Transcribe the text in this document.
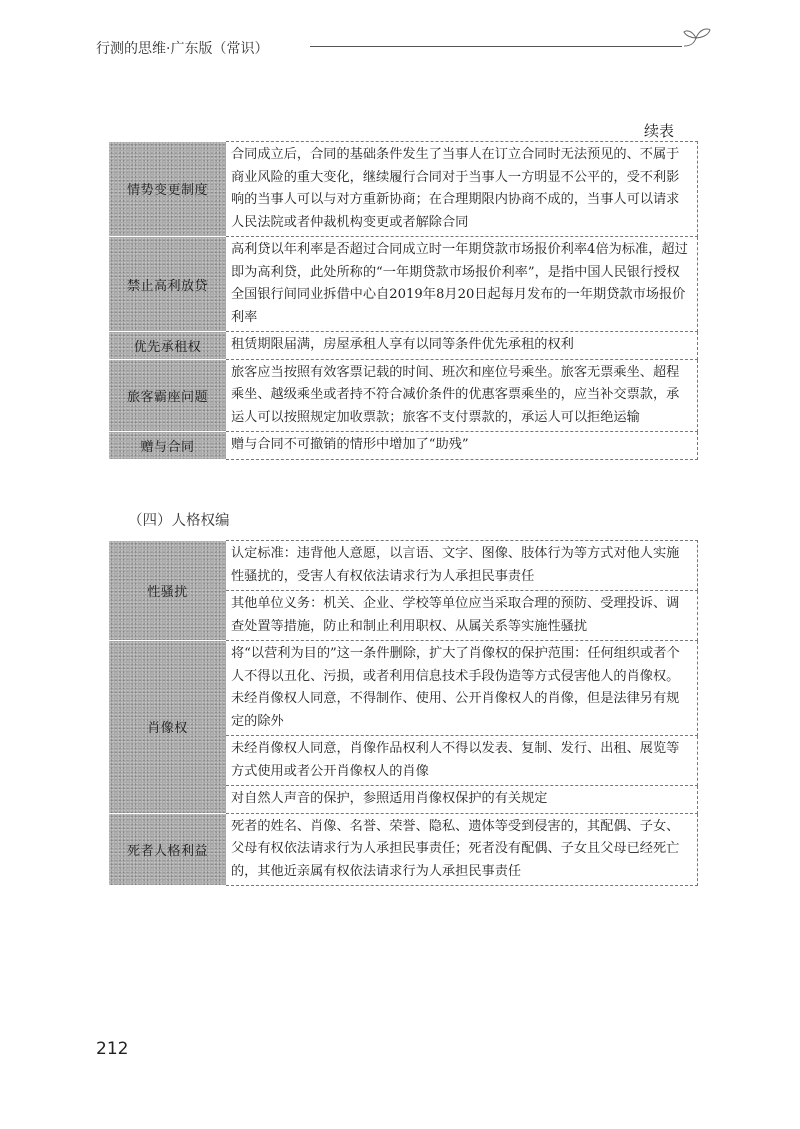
行测的思维·广东版（常识）
续表
情势变更制度	合同成立后，合同的基础条件发生了当事人在订立合同时无法预见的、不属于商业风险的重大变化，继续履行合同对于当事人一方明显不公平的，受不利影响的当事人可以与对方重新协商；在合理期限内协商不成的，当事人可以请求人民法院或者仲裁机构变更或者解除合同
禁止高利放贷	高利贷以年利率是否超过合同成立时一年期贷款市场报价利率4倍为标准，超过即为高利贷，此处所称的“一年期贷款市场报价利率”，是指中国人民银行授权全国银行间同业拆借中心自2019年8月20日起每月发布的一年期贷款市场报价利率
优先承租权	租赁期限届满，房屋承租人享有以同等条件优先承租的权利
旅客霸座问题	旅客应当按照有效客票记载的时间、班次和座位号乘坐。旅客无票乘坐、超程乘坐、越级乘坐或者持不符合减价条件的优惠客票乘坐的，应当补交票款，承运人可以按照规定加收票款；旅客不支付票款的，承运人可以拒绝运输
赠与合同	赠与合同不可撤销的情形中增加了“助残”
（四）人格权编
性骚扰	认定标准：违背他人意愿，以言语、文字、图像、肢体行为等方式对他人实施性骚扰的，受害人有权依法请求行为人承担民事责任
	其他单位义务：机关、企业、学校等单位应当采取合理的预防、受理投诉、调查处置等措施，防止和制止利用职权、从属关系等实施性骚扰
肖像权	将“以营利为目的”这一条件删除，扩大了肖像权的保护范围：任何组织或者个人不得以丑化、污损，或者利用信息技术手段伪造等方式侵害他人的肖像权。未经肖像权人同意，不得制作、使用、公开肖像权人的肖像，但是法律另有规定的除外
	未经肖像权人同意，肖像作品权利人不得以发表、复制、发行、出租、展览等方式使用或者公开肖像权人的肖像
	对自然人声音的保护，参照适用肖像权保护的有关规定
死者人格利益	死者的姓名、肖像、名誉、荣誉、隐私、遗体等受到侵害的，其配偶、子女、父母有权依法请求行为人承担民事责任；死者没有配偶、子女且父母已经死亡的，其他近亲属有权依法请求行为人承担民事责任
212
